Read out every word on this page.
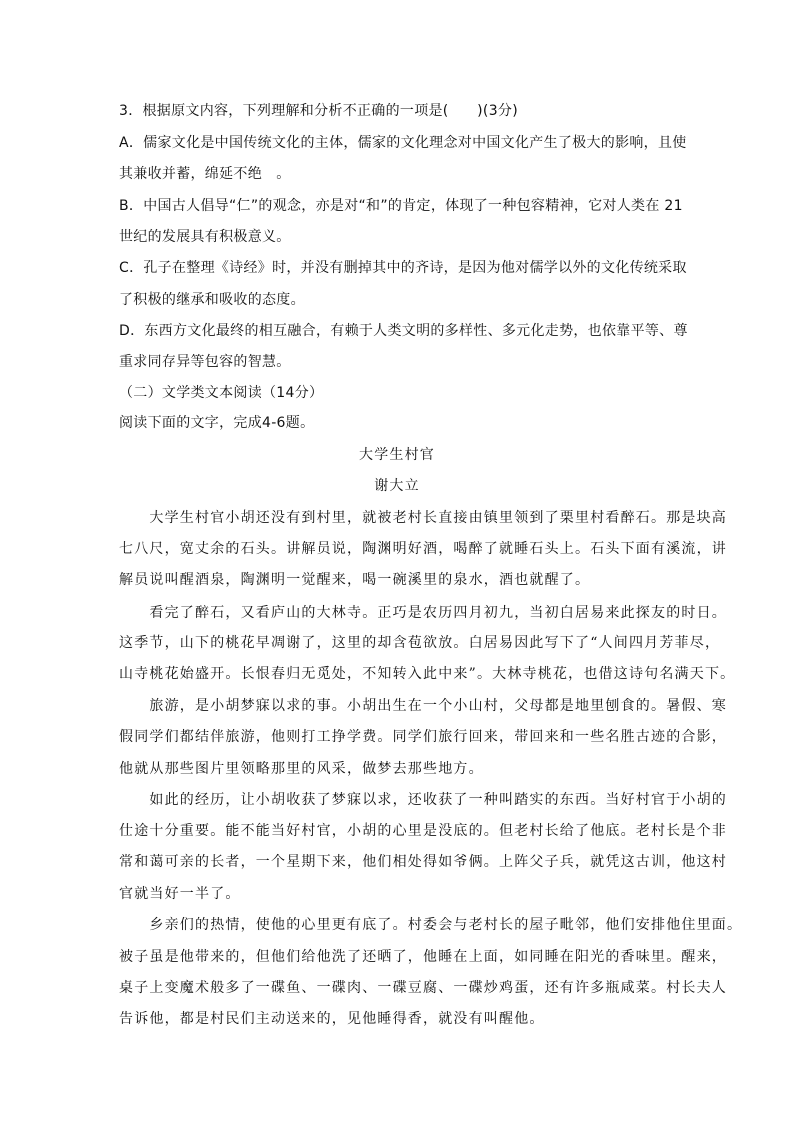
3．根据原文内容，下列理解和分析不正确的一项是(　　)(3分)
A．儒家文化是中国传统文化的主体，儒家的文化理念对中国文化产生了极大的影响，且使
其兼收并蓄，绵延不绝　。
B．中国古人倡导“仁”的观念，亦是对“和”的肯定，体现了一种包容精神，它对人类在 21
世纪的发展具有积极意义。
C．孔子在整理《诗经》时，并没有删掉其中的齐诗，是因为他对儒学以外的文化传统采取
了积极的继承和吸收的态度。
D．东西方文化最终的相互融合，有赖于人类文明的多样性、多元化走势，也依靠平等、尊
重求同存异等包容的智慧。
（二）文学类文本阅读（14分）
阅读下面的文字，完成4-6题。
大学生村官
谢大立
　　大学生村官小胡还没有到村里，就被老村长直接由镇里领到了栗里村看醉石。那是块高
七八尺，宽丈余的石头。讲解员说，陶渊明好酒，喝醉了就睡石头上。石头下面有溪流，讲
解员说叫醒酒泉，陶渊明一觉醒来，喝一碗溪里的泉水，酒也就醒了。
　　看完了醉石，又看庐山的大林寺。正巧是农历四月初九，当初白居易来此探友的时日。
这季节，山下的桃花早凋谢了，这里的却含苞欲放。白居易因此写下了“人间四月芳菲尽，
山寺桃花始盛开。长恨春归无觅处，不知转入此中来”。大林寺桃花，也借这诗句名满天下。
　　旅游，是小胡梦寐以求的事。小胡出生在一个小山村，父母都是地里刨食的。暑假、寒
假同学们都结伴旅游，他则打工挣学费。同学们旅行回来，带回来和一些名胜古迹的合影，
他就从那些图片里领略那里的风采，做梦去那些地方。
　　如此的经历，让小胡收获了梦寐以求，还收获了一种叫踏实的东西。当好村官于小胡的
仕途十分重要。能不能当好村官，小胡的心里是没底的。但老村长给了他底。老村长是个非
常和蔼可亲的长者，一个星期下来，他们相处得如爷俩。上阵父子兵，就凭这古训，他这村
官就当好一半了。
　　乡亲们的热情，使他的心里更有底了。村委会与老村长的屋子毗邻，他们安排他住里面。
被子虽是他带来的，但他们给他洗了还晒了，他睡在上面，如同睡在阳光的香味里。醒来，
桌子上变魔术般多了一碟鱼、一碟肉、一碟豆腐、一碟炒鸡蛋，还有许多瓶咸菜。村长夫人
告诉他，都是村民们主动送来的，见他睡得香，就没有叫醒他。
